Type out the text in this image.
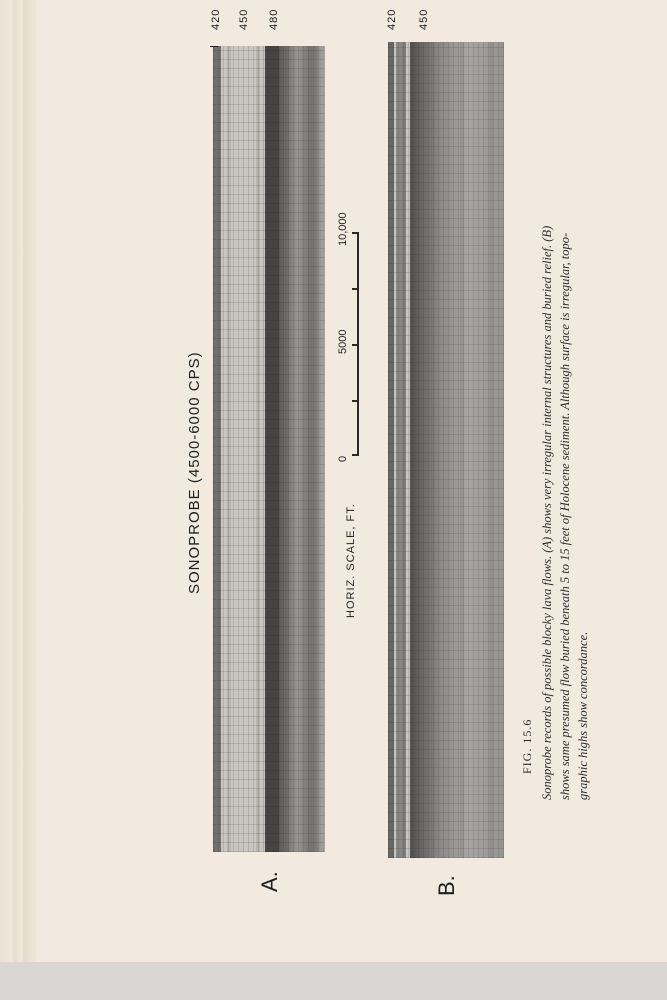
SONOPROBE (4500-6000 CPS)
A.	B.
420 450 480	420 450
HORIZ. SCALE, FT.
0
5000
10,000
FIG. 15.6 Sonoprobe records of possible blocky lava flows. (A) shows very irregular internal structures and buried relief. (B) shows same presumed flow buried beneath 5 to 15 feet of Holocene sediment. Although surface is irregular, topo- graphic highs show concordance.
